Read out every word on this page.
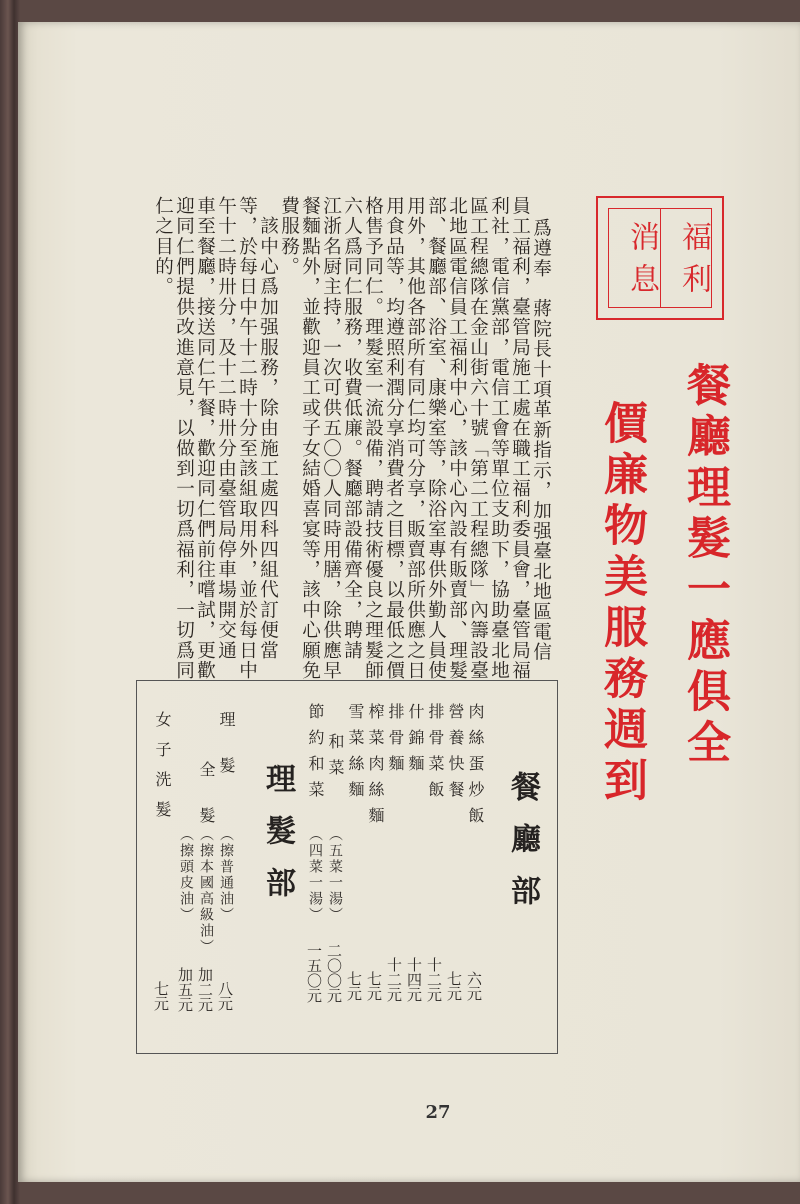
福利
消息
餐廳理髮一應俱全
價廉物美服務週到
爲遵奉　蔣院長十項革新指示，加强臺北地區電信
員工福利，臺管局施工處在職工福利委員會，臺管局福
利社，電信黨部，電信工會等單位支助下，協助臺北地
區工程總隊在金山街六十號「第二工程總隊」內籌設臺
北地區電信員工福利中心，該中心內設有販賣部、理髮
部、餐廳部、浴室、康樂室等，除浴室專供外勤人員使
用外，其他各部所有同仁均可分享，販賣部所供應之日
用食品等，均遵照利潤分享消費者之目標，以最低之價
格售予同仁。理髮室一流設備，聘請技術優良之理髮師
六人爲同仁服務，收費低廉。餐廳部設備齊全，聘請
江浙名厨主持，一次可供五〇〇人同時用膳，除供應早
餐麵點外，並歡迎員工或子女結婚喜宴等，該中心願免
費服務。
　該中心爲加强服務，除由施工處四科四組代訂便當
等，於每日中午十二時十分至該組取用外，並於每日中
午十二時卅分，及十二時卅分由臺管局停車場開交通
車至餐廳，接送同仁午餐，歡迎同仁們前往嚐試，更歡
迎同仁們提供改進意見，以做到一切爲福利，一切爲同
仁之目的。
餐廳部
肉絲蛋炒飯
六元
營養快餐
七元
排骨菜飯
十二元
什錦麵
十四元
排骨麵
十二元
榨菜肉絲麵
七元
雪菜絲麵
七元
和菜
（五菜一湯）
二〇〇元
節約和菜
（四菜一湯）
一五〇元
理髮部
理髮
（擦普通油）
八元
全髮
（擦本國高級油）
加二元
（擦頭皮油）
加五元
女子洗髮
七元
27
